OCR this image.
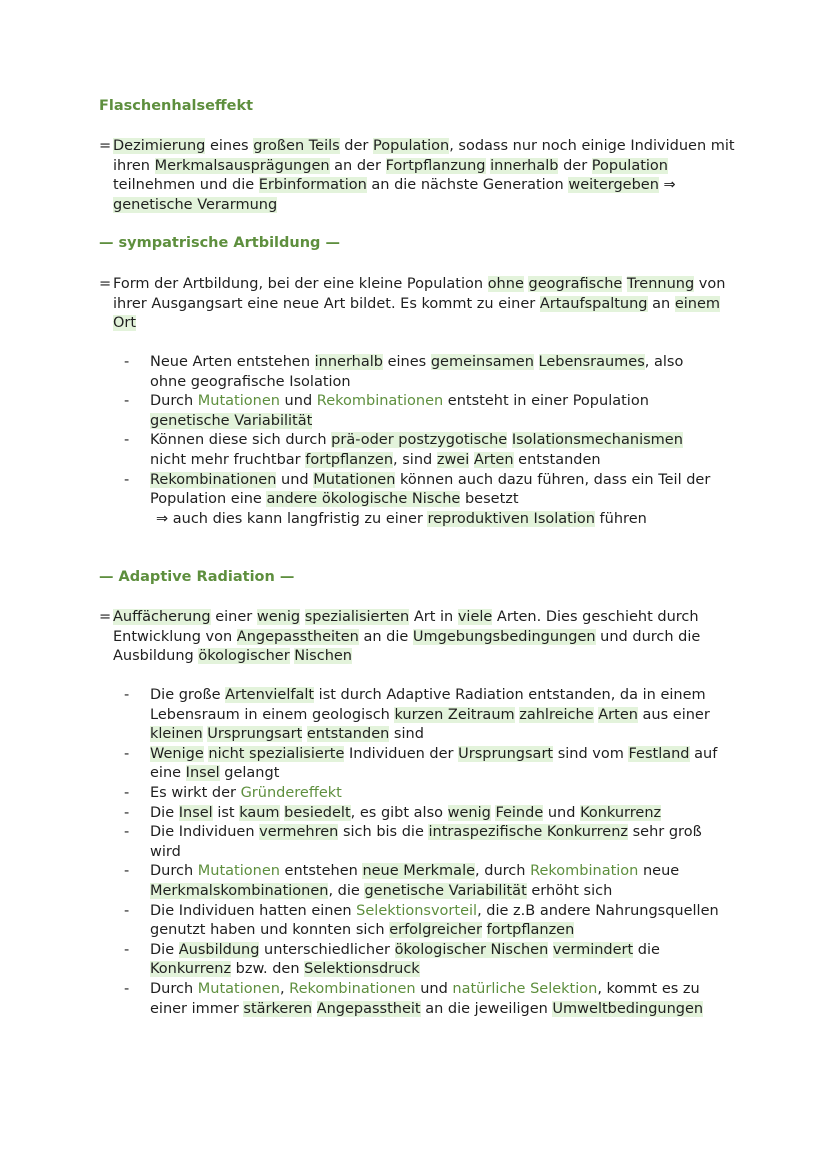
Flaschenhalseffekt
= Dezimierung eines großen Teils der Population, sodass nur noch einige Individuen mit ihren Merkmalsausprägungen an der Fortpflanzung innerhalb der Population teilnehmen und die Erbinformation an die nächste Generation weitergeben ⇒ genetische Verarmung
— sympatrische Artbildung —
= Form der Artbildung, bei der eine kleine Population ohne geografische Trennung von ihrer Ausgangsart eine neue Art bildet. Es kommt zu einer Artaufspaltung an einem Ort
- Neue Arten entstehen innerhalb eines gemeinsamen Lebensraumes, also ohne geografische Isolation
- Durch Mutationen und Rekombinationen entsteht in einer Population genetische Variabilität
- Können diese sich durch prä-oder postzygotische Isolationsmechanismen nicht mehr fruchtbar fortpflanzen, sind zwei Arten entstanden
- Rekombinationen und Mutationen können auch dazu führen, dass ein Teil der Population eine andere ökologische Nische besetzt
⇒ auch dies kann langfristig zu einer reproduktiven Isolation führen
— Adaptive Radiation —
= Auffächerung einer wenig spezialisierten Art in viele Arten. Dies geschieht durch Entwicklung von Angepasstheiten an die Umgebungsbedingungen und durch die Ausbildung ökologischer Nischen
- Die große Artenvielfalt ist durch Adaptive Radiation entstanden, da in einem Lebensraum in einem geologisch kurzen Zeitraum zahlreiche Arten aus einer kleinen Ursprungsart entstanden sind
- Wenige nicht spezialisierte Individuen der Ursprungsart sind vom Festland auf eine Insel gelangt
- Es wirkt der Gründereffekt
- Die Insel ist kaum besiedelt, es gibt also wenig Feinde und Konkurrenz
- Die Individuen vermehren sich bis die intraspezifische Konkurrenz sehr groß wird
- Durch Mutationen entstehen neue Merkmale, durch Rekombination neue Merkmalskombinationen, die genetische Variabilität erhöht sich
- Die Individuen hatten einen Selektionsvorteil, die z.B andere Nahrungsquellen genutzt haben und konnten sich erfolgreicher fortpflanzen
- Die Ausbildung unterschiedlicher ökologischer Nischen vermindert die Konkurrenz bzw. den Selektionsdruck
- Durch Mutationen, Rekombinationen und natürliche Selektion, kommt es zu einer immer stärkeren Angepasstheit an die jeweiligen Umweltbedingungen
